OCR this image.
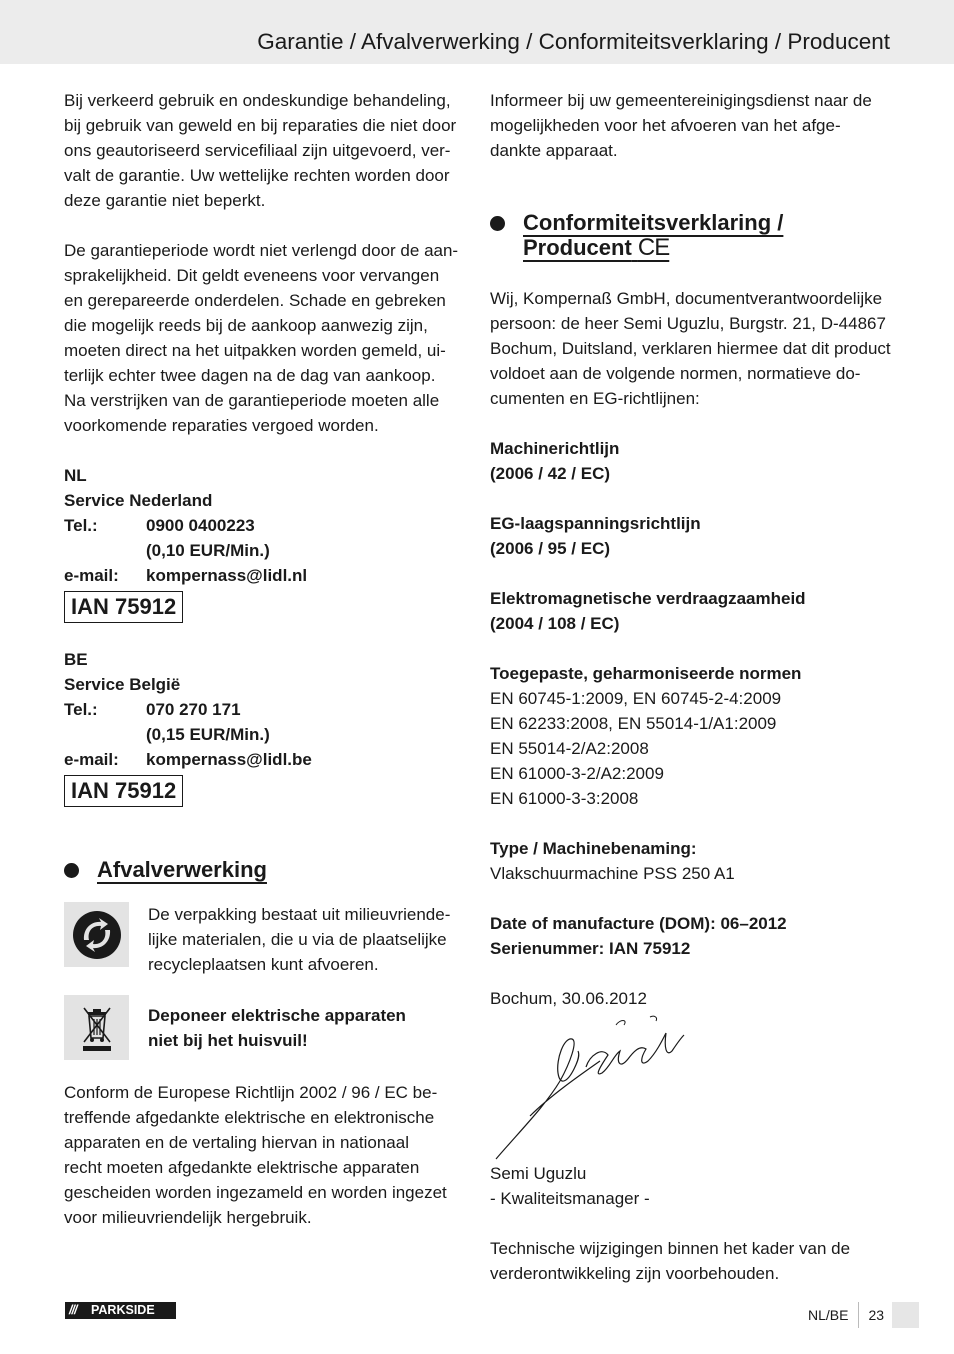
Garantie / Afvalverwerking / Conformiteitsverklaring / Producent

Bij verkeerd gebruik en ondeskundige behandeling,

bij gebruik van geweld en bij reparaties die niet door

ons geautoriseerd servicefiliaal zijn uitgevoerd, ver-

valt de garantie. Uw wettelijke rechten worden door

deze garantie niet beperkt.

De garantieperiode wordt niet verlengd door de aan-

sprakelijkheid. Dit geldt eveneens voor vervangen

en gerepareerde onderdelen. Schade en gebreken

die mogelijk reeds bij de aankoop aanwezig zijn,

moeten direct na het uitpakken worden gemeld, ui-

terlijk echter twee dagen na de dag van aankoop.

Na verstrijken van de garantieperiode moeten alle

voorkomende reparaties vergoed worden.

NL

Service Nederland

Tel.:	0900 0400223
(0,10 EUR/Min.)
e-mail:	kompernass@lidl.nl
IAN 75912

BE

Service België

Tel.:	070 270 171
(0,15 EUR/Min.)
e-mail:	kompernass@lidl.be
IAN 75912
Afvalverwerking

De verpakking bestaat uit milieuvriende-

lijke materialen, die u via de plaatselijke

recycleplaatsen kunt afvoeren.

Deponeer elektrische apparaten

niet bij het huisvuil!

Conform de Europese Richtlijn 2002 / 96 / EC be-

treffende afgedankte elektrische en elektronische

apparaten en de vertaling hiervan in nationaal

recht moeten afgedankte elektrische apparaten

gescheiden worden ingezameld en worden ingezet

voor milieuvriendelijk hergebruik.

Informeer bij uw gemeentereinigingsdienst naar de

mogelijkheden voor het afvoeren van het afge-

dankte apparaat.

Conformiteitsverklaring /
Producent CE

Wij, Kompernaß GmbH, documentverantwoordelijke

persoon: de heer Semi Uguzlu, Burgstr. 21, D-44867

Bochum, Duitsland, verklaren hiermee dat dit product

voldoet aan de volgende normen, normatieve do-

cumenten en EG-richtlijnen:

Machinerichtlijn

(2006 / 42 / EC)

EG-laagspanningsrichtlijn

(2006 / 95 / EC)

Elektromagnetische verdraagzaamheid

(2004 / 108 / EC)

Toegepaste, geharmoniseerde normen

EN 60745-1:2009, EN 60745-2-4:2009

EN 62233:2008, EN 55014-1/A1:2009

EN 55014-2/A2:2008

EN 61000-3-2/A2:2009

EN 61000-3-3:2008

Type / Machinebenaming:

Vlakschuurmachine PSS 250 A1

Date of manufacture (DOM): 06–2012

Serienummer: IAN 75912

Bochum, 30.06.2012

Semi Uguzlu

- Kwaliteitsmanager -

Technische wijzigingen binnen het kader van de

verderontwikkeling zijn voorbehouden.

///	PARKSIDE	NL/BE	23
